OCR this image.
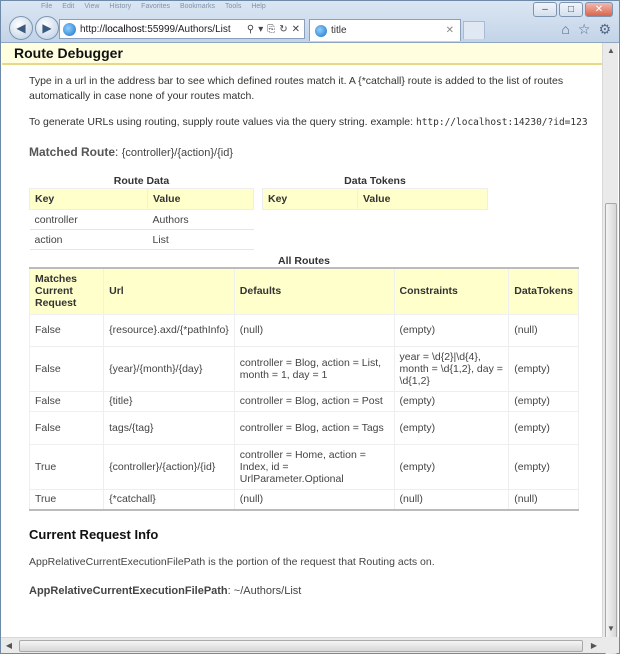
File Edit View History Favorites Bookmarks Tools Help	–	□	✕
◀	▶	http://localhost:55999/Authors/List	⚲ ▾ ⎘ ↻ ✕	title	✕	⌂ ☆ ⚙
Route Debugger

Type in a url in the address bar to see which defined routes match it. A {*catchall} route is added to the list of routes automatically in case none of your routes match.

To generate URLs using routing, supply route values via the query string. example: http://localhost:14230/?id=123

Matched Route: {controller}/{action}/{id}
Route Data
Key	Value
controller	Authors
action	List
Data Tokens
Key	Value
All Routes
Matches Current Request	Url	Defaults	Constraints	DataTokens
False	{resource}.axd/{*pathInfo}	(null)	(empty)	(null)
False	{year}/{month}/{day}	controller = Blog, action = List, month = 1, day = 1	year = \d{2}|\d{4}, month = \d{1,2}, day = \d{1,2}	(empty)
False	{title}	controller = Blog, action = Post	(empty)	(empty)
False	tags/{tag}	controller = Blog, action = Tags	(empty)	(empty)
True	{controller}/{action}/{id}	controller = Home, action = Index, id = UrlParameter.Optional	(empty)	(empty)
True	{*catchall}	(null)	(null)	(null)
Current Request Info

AppRelativeCurrentExecutionFilePath is the portion of the request that Routing acts on.

AppRelativeCurrentExecutionFilePath: ~/Authors/List

▲
▼
◀	▶
